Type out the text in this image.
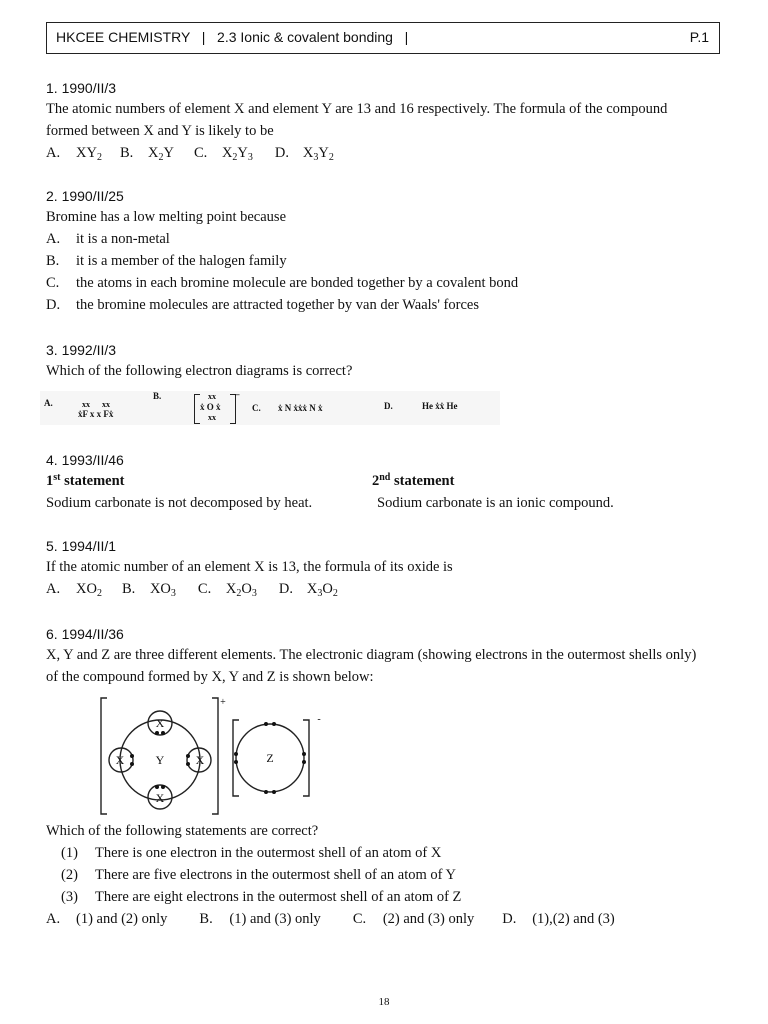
HKCEE CHEMISTRY   |   2.3 Ionic & covalent bonding   |	P.1
1. 1990/II/3
The atomic numbers of element X and element Y are 13 and 16 respectively. The formula of the compound
formed between X and Y is likely to be
A. $XY_2$ B. $X_2Y$ C. $X_2Y_3$ D. $X_3Y_2$
2. 1990/II/25
Bromine has a low melting point because
A. it is a non-metal
B. it is a member of the halogen family
C. the atoms in each bromine molecule are bonded together by a covalent bond
D. the bromine molecules are attracted together by van der Waals' forces
3. 1992/II/3
Which of the following electron diagrams is correct?
A.	xx      xx
ẋF x x Fẋ
B.	xx
ẋ O ẋ
xx
–
C. ẋ N ẋẋẋ N ẋ	D.	He ẋẋ He
4. 1993/II/46
1st statement	2nd statement
Sodium carbonate is not decomposed by heat.	Sodium carbonate is an ionic compound.
5. 1994/II/1
If the atomic number of an element X is 13, the formula of its oxide is
A. $XO_2$ B. $XO_3$ C. $X_2O_3$ D. $X_3O_2$
6. 1994/II/36
X, Y and Z are three different elements. The electronic diagram (showing electrons in the outermost shells only)
of the compound formed by X, Y and Z is shown below:
X
X
X	X
Y	Z
+
-
Which of the following statements are correct?
(1) There is one electron in the outermost shell of an atom of X
(2) There are five electrons in the outermost shell of an atom of Y
(3) There are eight electrons in the outermost shell of an atom of Z
A. (1) and (2) only B. (1) and (3) only C. (2) and (3) only D. (1),(2) and (3)
18
